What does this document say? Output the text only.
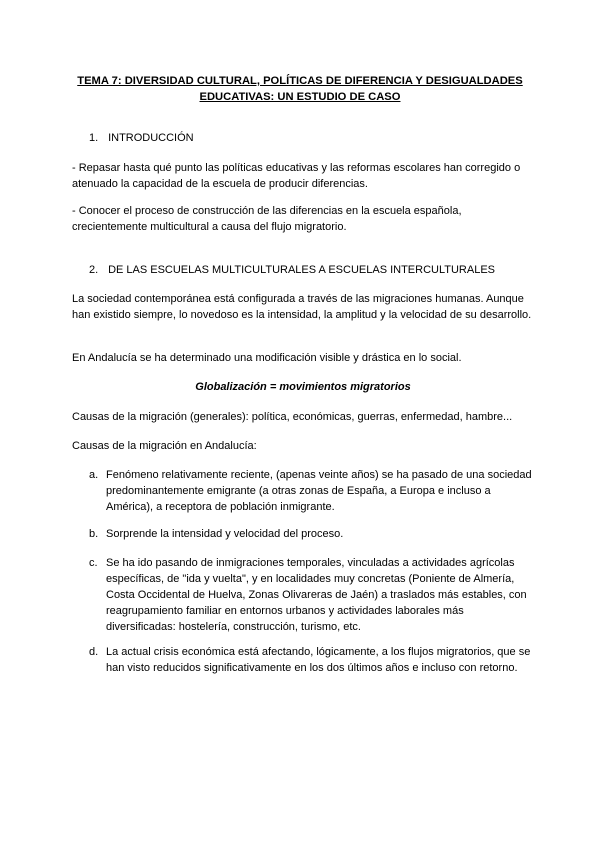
TEMA 7: DIVERSIDAD CULTURAL, POLÍTICAS DE DIFERENCIA Y DESIGUALDADES
EDUCATIVAS: UN ESTUDIO DE CASO
1. INTRODUCCIÓN
- Repasar hasta qué punto las políticas educativas y las reformas escolares han corregido o atenuado la capacidad de la escuela de producir diferencias.
- Conocer el proceso de construcción de las diferencias en la escuela española, crecientemente multicultural a causa del flujo migratorio.
2. DE LAS ESCUELAS MULTICULTURALES A ESCUELAS INTERCULTURALES
La sociedad contemporánea está configurada a través de las migraciones humanas. Aunque han existido siempre, lo novedoso es la intensidad, la amplitud y la velocidad de su desarrollo.
En Andalucía se ha determinado una modificación visible y drástica en lo social.
Globalización = movimientos migratorios
Causas de la migración (generales): política, económicas, guerras, enfermedad, hambre...
Causas de la migración en Andalucía:
a. Fenómeno relativamente reciente, (apenas veinte años) se ha pasado de una sociedad predominantemente emigrante (a otras zonas de España, a Europa e incluso a América), a receptora de población inmigrante.
b. Sorprende la intensidad y velocidad del proceso.
c. Se ha ido pasando de inmigraciones temporales, vinculadas a actividades agrícolas específicas, de "ida y vuelta", y en localidades muy concretas (Poniente de Almería, Costa Occidental de Huelva, Zonas Olivareras de Jaén) a traslados más estables, con reagrupamiento familiar en entornos urbanos y actividades laborales más diversificadas: hostelería, construcción, turismo, etc.
d. La actual crisis económica está afectando, lógicamente, a los flujos migratorios, que se han visto reducidos significativamente en los dos últimos años e incluso con retorno.
